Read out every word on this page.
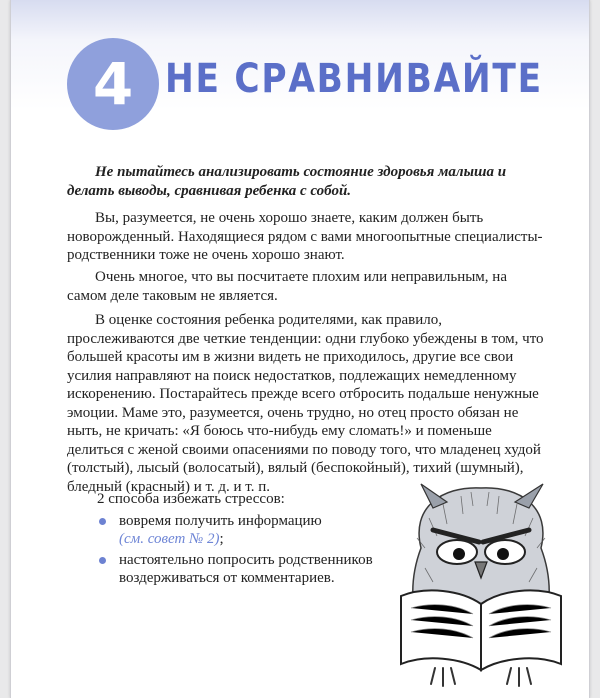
4 НЕ СРАВНИВАЙТЕ
Не пытайтесь анализировать состояние здоровья малыша и делать выводы, сравнивая ребенка с собой.
Вы, разумеется, не очень хорошо знаете, каким должен быть новорожденный. Находящиеся рядом с вами многоопытные специалисты-родственники тоже не очень хорошо знают.
Очень многое, что вы посчитаете плохим или неправильным, на самом деле таковым не является.
В оценке состояния ребенка родителями, как правило, прослеживаются две четкие тенденции: одни глубоко убеждены в том, что большей красоты им в жизни видеть не приходилось, другие все свои усилия направляют на поиск недостатков, подлежащих немедленному искоренению. Постарайтесь прежде всего отбросить подальше ненужные эмоции. Маме это, разумеется, очень трудно, но отец просто обязан не ныть, не кричать: «Я боюсь что-нибудь ему сломать!» и поменьше делиться с женой своими опасениями по поводу того, что младенец худой (толстый), лысый (волосатый), вялый (беспокойный), тихий (шумный), бледный (красный) и т. д. и т. п.
2 способа избежать стрессов:
вовремя получить информацию
(см. совет № 2);
настоятельно попросить родственников воздерживаться от комментариев.
